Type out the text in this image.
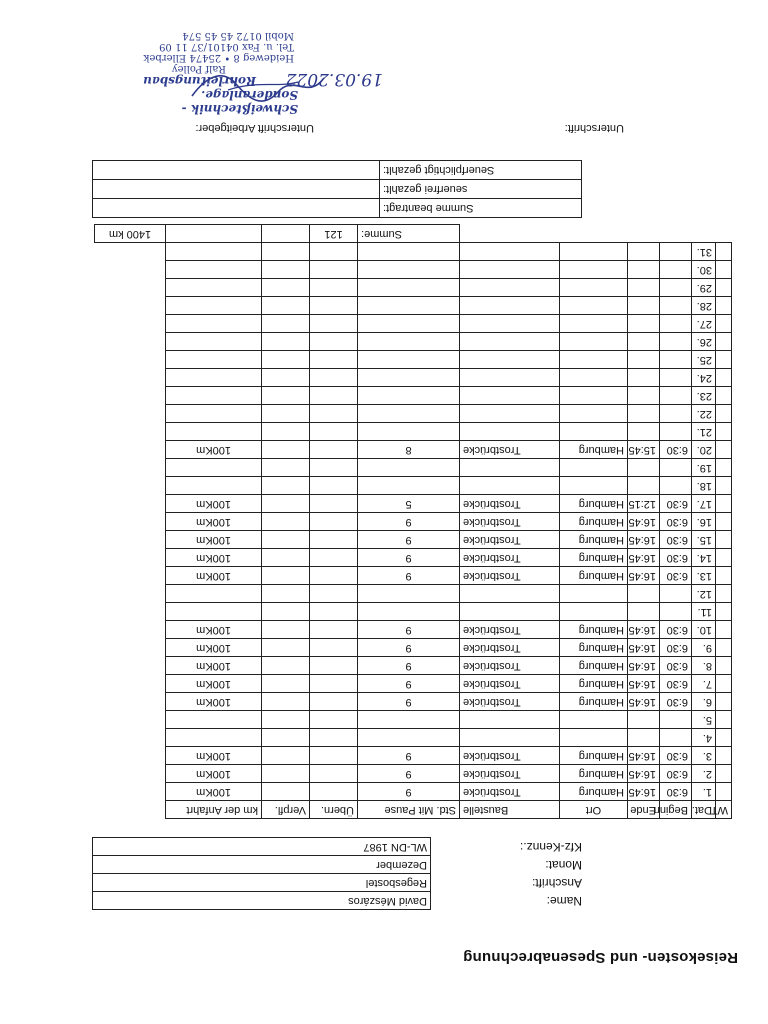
Reisekosten- und Spesenabrechnung
Name:	David Mészáros
Anschrift:	Regesbostel
Monat:	Dezember
Kfz-Kennz.:	WL-DN 1987
WT	Dat.	Beginn	Ende	Ort	Baustelle	Std. Mit Pause	Übern.	Verpfl.	km der Anfahrt	
	1.	6:30	16:45	Hamburg	Trostbrücke	9			100Km	
	2.	6:30	16:45	Hamburg	Trostbrücke	9			100Km	
	3.	6:30	16:45	Hamburg	Trostbrücke	9			100Km	
	4.									
	5.									
	6.	6:30	16:45	Hamburg	Trostbrücke	9			100Km	
	7.	6:30	16:45	Hamburg	Trostbrücke	9			100Km	
	8.	6:30	16:45	Hamburg	Trostbrücke	9			100Km	
	9.	6:30	16:45	Hamburg	Trostbrücke	9			100Km	
	10.	6:30	16:45	Hamburg	Trostbrücke	9			100Km	
	11.									
	12.									
	13.	6:30	16:45	Hamburg	Trostbrücke	9			100Km	
	14.	6:30	16:45	Hamburg	Trostbrücke	9			100Km	
	15.	6:30	16:45	Hamburg	Trostbrücke	9			100Km	
	16.	6:30	16:45	Hamburg	Trostbrücke	9			100Km	
	17.	6:30	12:15	Hamburg	Trostbrücke	5			100Km	
	18.									
	19.									
	20.	6:30	15:45	Hamburg	Trostbrücke	8			100Km	
	21.									
	22.									
	23.									
	24.									
	25.									
	26.									
	27.									
	28.									
	29.									
	30.									
	31.									
						Summe:	121			1400 km
Summe beantragt:	
seuerfrei gezahlt:	
Seuerfplichtigt gezahlt:	
Unterschrift:
Unterschrift Arbeitgeber:
Schweißtechnik - Sonderanlage.
Rohrleitungsbau
Ralf Polley
Heideweg 8 • 25474 Ellerbek
Tel. u. Fax 04101/37 11 09
Mobil 0172 45 45 574
19.03.2022
